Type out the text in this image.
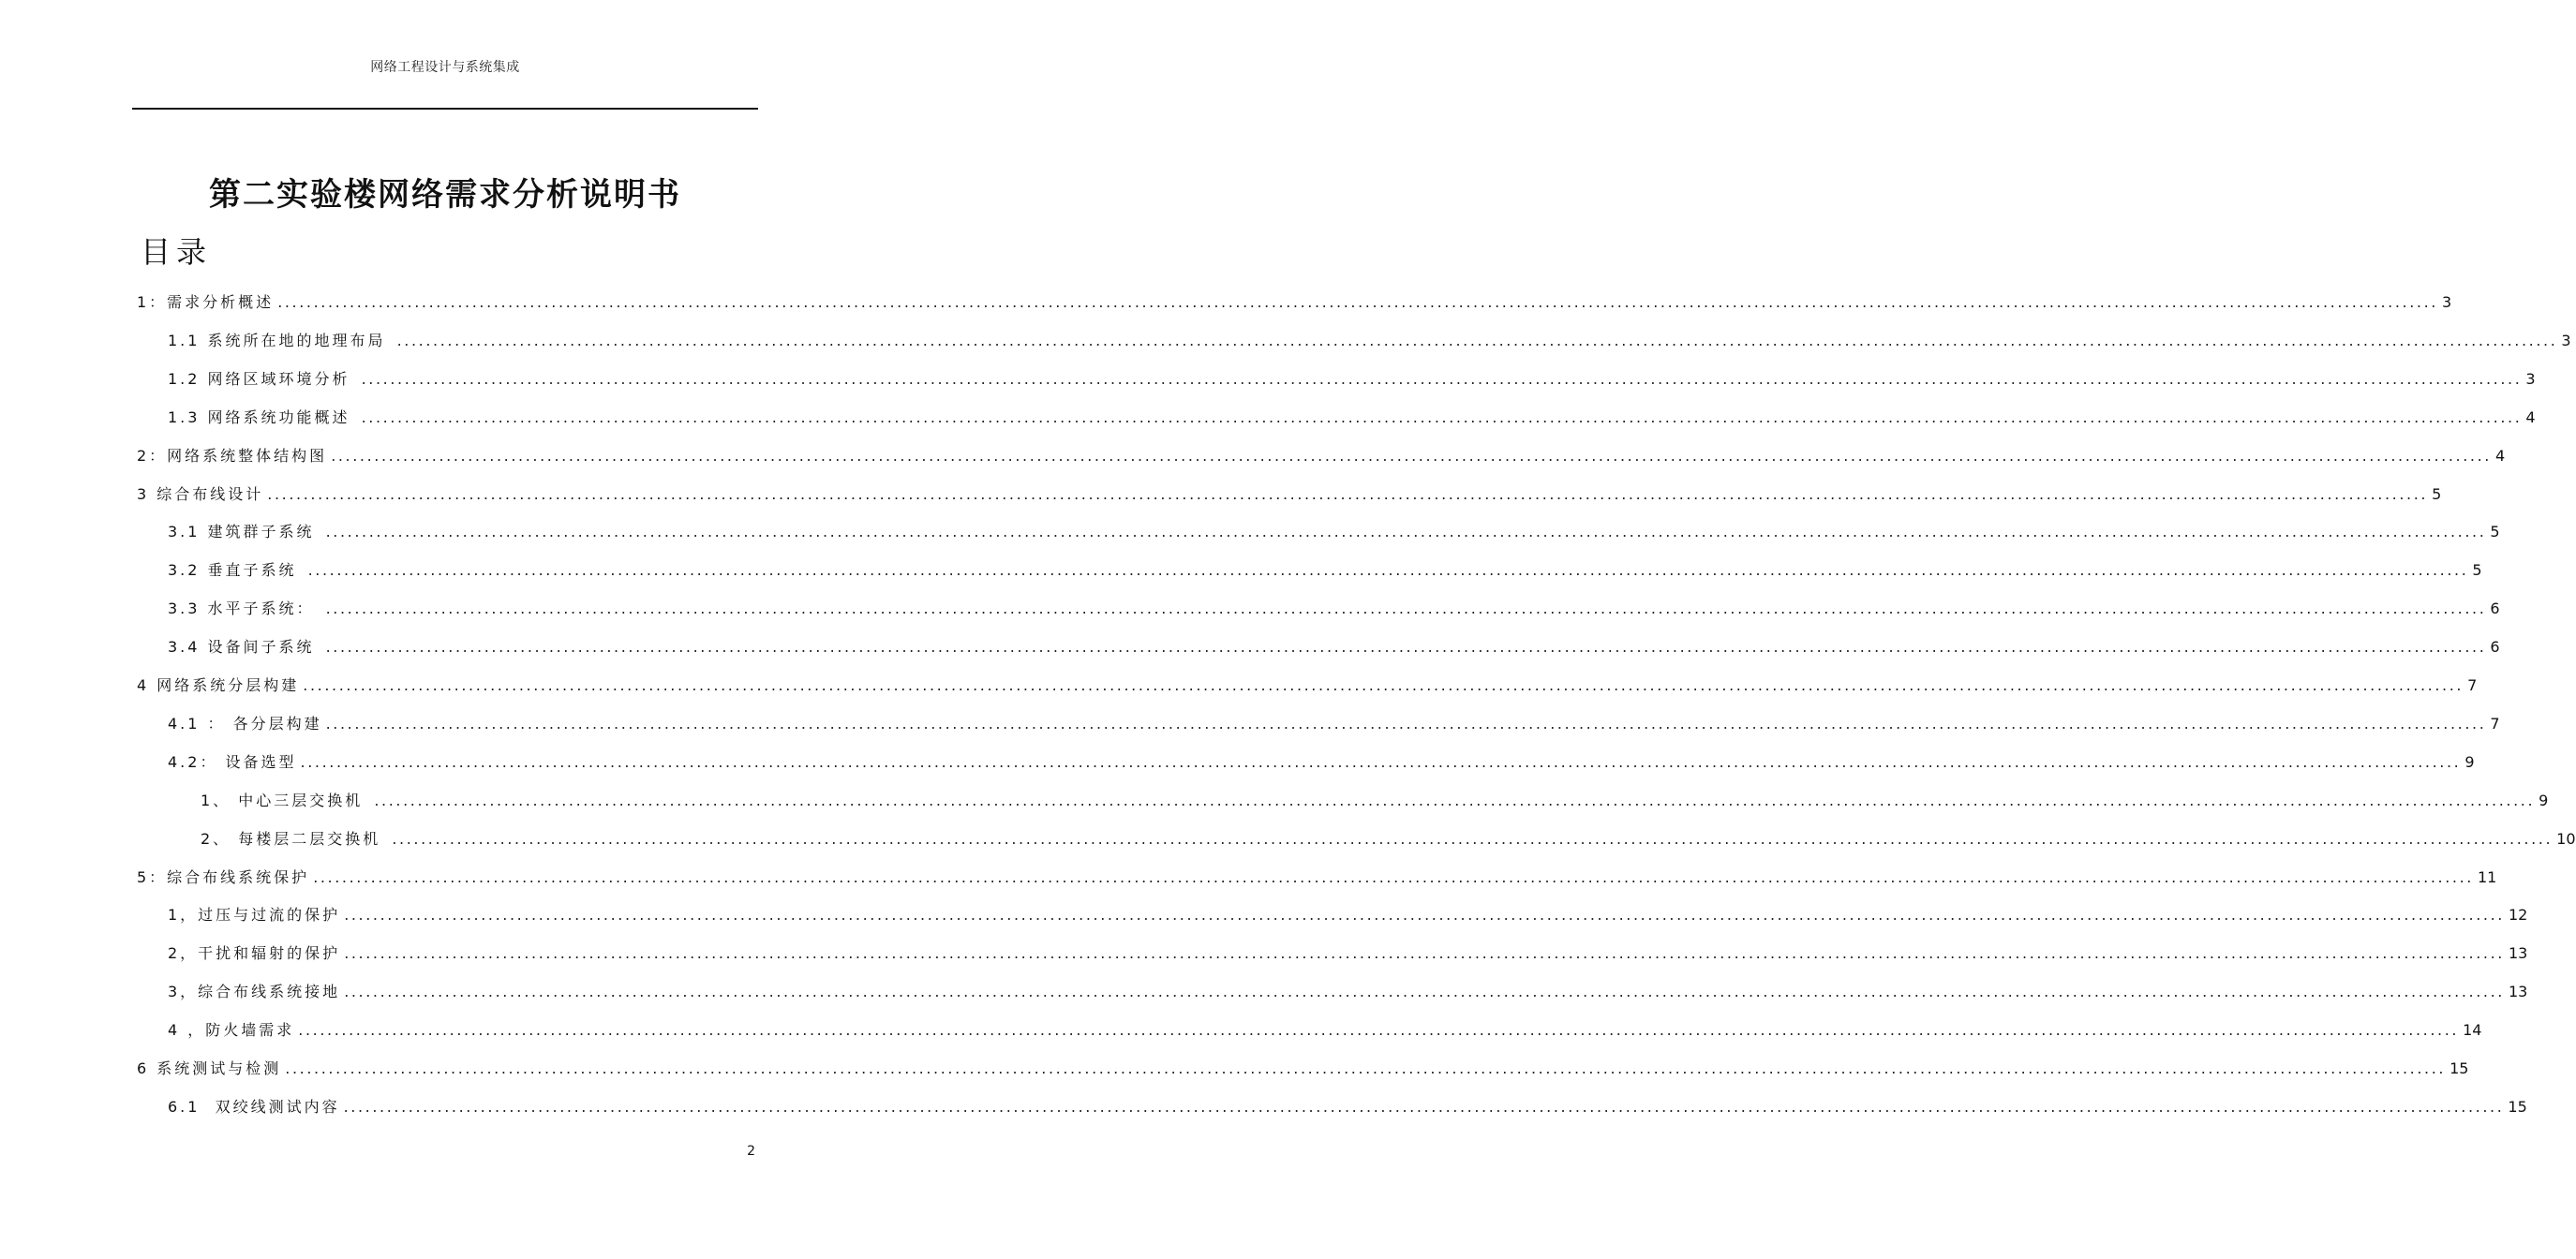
网络工程设计与系统集成
第二实验楼网络需求分析说明书
目录
1：需求分析概述 ............................................................................................................................................................................................................................................................................................................ 3
1.1 系统所在地的地理布局 ............................................................................................................................................................................................................................................................................................................ 3
1.2 网络区域环境分析 ............................................................................................................................................................................................................................................................................................................ 3
1.3 网络系统功能概述 ............................................................................................................................................................................................................................................................................................................ 4
2：网络系统整体结构图 ............................................................................................................................................................................................................................................................................................................ 4
3 综合布线设计 ............................................................................................................................................................................................................................................................................................................ 5
3.1 建筑群子系统 ............................................................................................................................................................................................................................................................................................................ 5
3.2 垂直子系统 ............................................................................................................................................................................................................................................................................................................ 5
3.3 水平子系统： ............................................................................................................................................................................................................................................................................................................ 6
3.4 设备间子系统 ............................................................................................................................................................................................................................................................................................................ 6
4 网络系统分层构建 ............................................................................................................................................................................................................................................................................................................ 7
4.1 ： 各分层构建 ............................................................................................................................................................................................................................................................................................................ 7
4.2： 设备选型 ............................................................................................................................................................................................................................................................................................................ 9
1、 中心三层交换机 ............................................................................................................................................................................................................................................................................................................ 9
2、 每楼层二层交换机 ............................................................................................................................................................................................................................................................................................................ 10
5：综合布线系统保护 ............................................................................................................................................................................................................................................................................................................ 11
1，过压与过流的保护 ............................................................................................................................................................................................................................................................................................................ 12
2，干扰和辐射的保护 ............................................................................................................................................................................................................................................................................................................ 13
3，综合布线系统接地 ............................................................................................................................................................................................................................................................................................................ 13
4 ，防火墙需求 ............................................................................................................................................................................................................................................................................................................ 14
6 系统测试与检测 ............................................................................................................................................................................................................................................................................................................ 15
6.1  双绞线测试内容 ............................................................................................................................................................................................................................................................................................................ 15
2
